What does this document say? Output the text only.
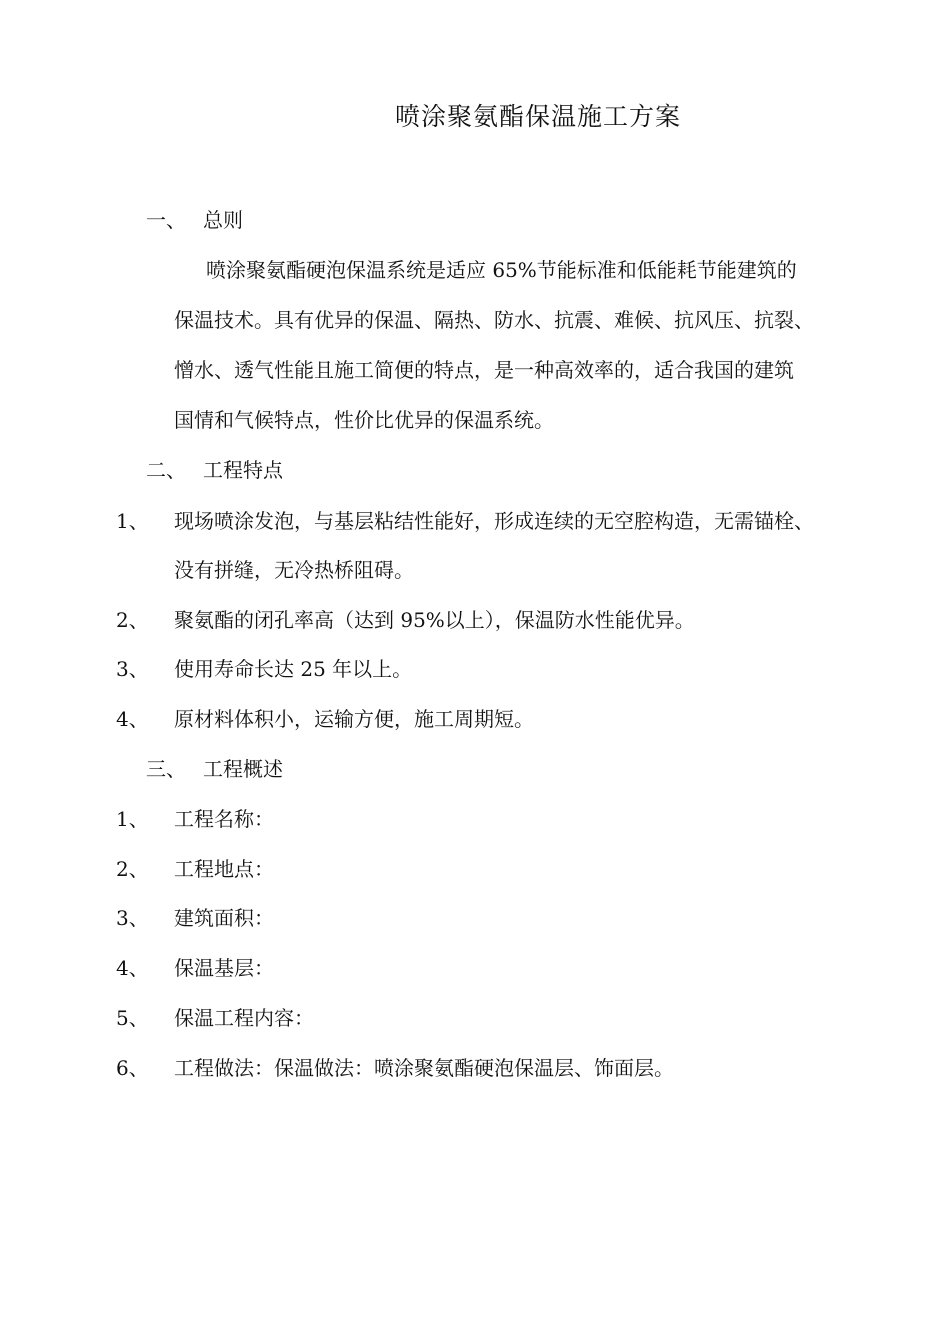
喷涂聚氨酯保温施工方案
一、 总则
喷涂聚氨酯硬泡保温系统是适应 65%节能标准和低能耗节能建筑的
保温技术。具有优异的保温、隔热、防水、抗震、难候、抗风压、抗裂、
憎水、透气性能且施工简便的特点，是一种高效率的，适合我国的建筑
国情和气候特点，性价比优异的保温系统。
二、 工程特点
1、 现场喷涂发泡，与基层粘结性能好，形成连续的无空腔构造，无需锚栓、
没有拼缝，无冷热桥阻碍。
2、 聚氨酯的闭孔率高（达到 95%以上），保温防水性能优异。
3、 使用寿命长达 25 年以上。
4、 原材料体积小，运输方便，施工周期短。
三、 工程概述
1、 工程名称：
2、 工程地点：
3、 建筑面积：
4、 保温基层：
5、 保温工程内容：
6、 工程做法：保温做法：喷涂聚氨酯硬泡保温层、饰面层。
